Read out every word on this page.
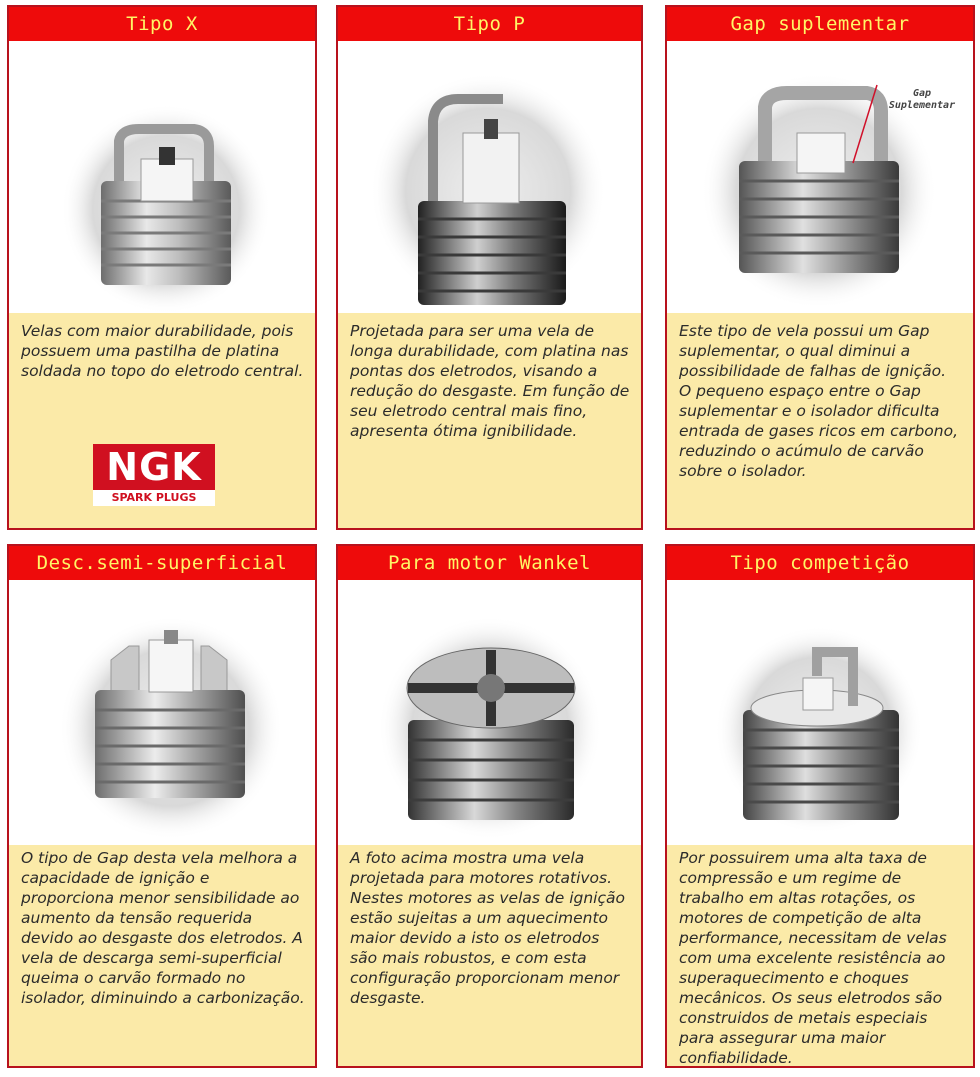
Tipo X
Velas com maior durabilidade, pois possuem uma pastilha de platina soldada no topo do eletrodo central.
NGK
SPARK PLUGS
Tipo P
Projetada para ser uma vela de longa durabilidade, com platina nas pontas dos eletrodos, visando a redução do desgaste. Em função de seu eletrodo central mais fino, apresenta ótima ignibilidade.
Gap suplementar
Gap
Suplementar
Este tipo de vela possui um Gap suplementar, o qual diminui a possibilidade de falhas de ignição. O pequeno espaço entre o Gap suplementar e o isolador dificulta entrada de gases ricos em carbono, reduzindo o acúmulo de carvão sobre o isolador.
Desc.semi-superficial
O tipo de Gap desta vela melhora a capacidade de ignição e proporciona menor sensibilidade ao aumento da tensão requerida devido ao desgaste dos eletrodos. A vela de descarga semi-superficial queima o carvão formado no isolador, diminuindo a carbonização.
Para motor Wankel
A foto acima mostra uma vela projetada para motores rotativos. Nestes motores as velas de ignição estão sujeitas a um aquecimento maior devido a isto os eletrodos são mais robustos, e com esta configuração proporcionam menor desgaste.
Tipo competição
Por possuirem uma alta taxa de compressão e um regime de trabalho em altas rotações, os motores de competição de alta performance, necessitam de velas com uma excelente resistência ao superaquecimento e choques mecânicos. Os seus eletrodos são construidos de metais especiais para assegurar uma maior confiabilidade.
